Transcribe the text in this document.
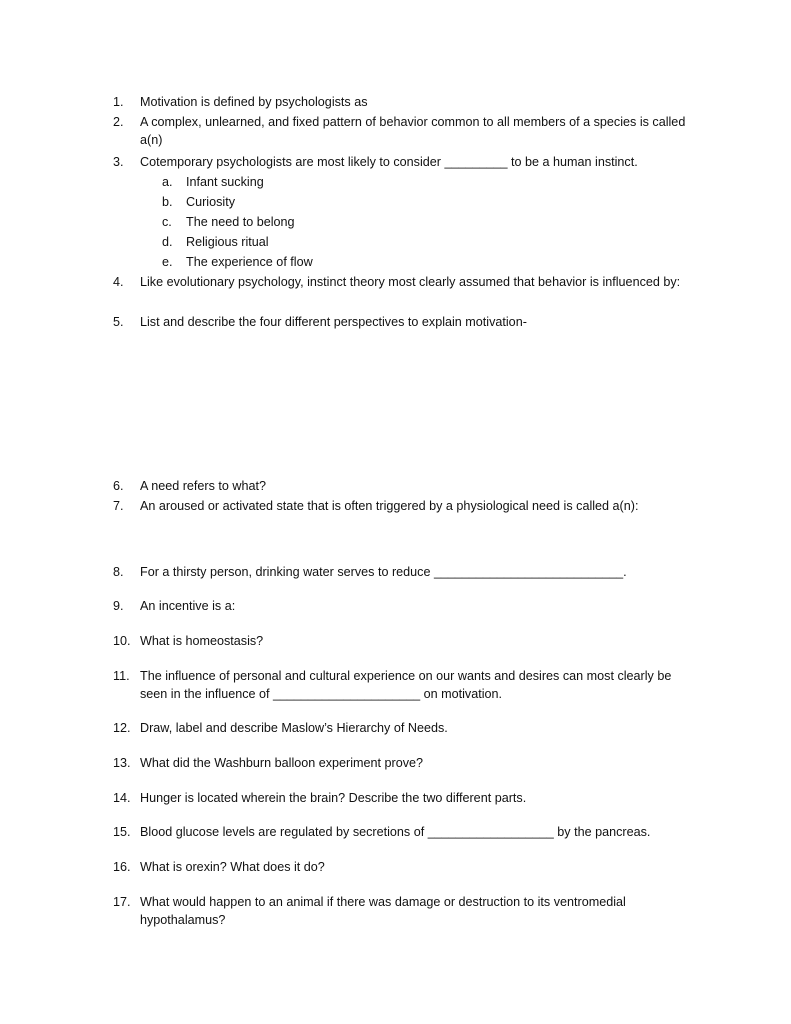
1.	Motivation is defined by psychologists as
2.	A complex, unlearned, and fixed pattern of behavior common to all members of a species is called a(n)
3.	Cotemporary psychologists are most likely to consider _________ to be a human instinct.
a.	Infant sucking
b.	Curiosity
c.	The need to belong
d.	Religious ritual
e.	The experience of flow
4.	Like evolutionary psychology, instinct theory most clearly assumed that behavior is influenced by:
5.	List and describe the four different perspectives to explain motivation-
6.	A need refers to what?
7.	An aroused or activated state that is often triggered by a physiological need is called a(n):
8.	For a thirsty person, drinking water serves to reduce ___________________________.
9.	An incentive is a:
10. What is homeostasis?
11. The influence of personal and cultural experience on our wants and desires can most clearly be seen in the influence of _____________________ on motivation.
12. Draw, label and describe Maslow’s Hierarchy of Needs.
13. What did the Washburn balloon experiment prove?
14. Hunger is located wherein the brain? Describe the two different parts.
15. Blood glucose levels are regulated by secretions of __________________ by the pancreas.
16. What is orexin? What does it do?
17. What would happen to an animal if there was damage or destruction to its ventromedial hypothalamus?
